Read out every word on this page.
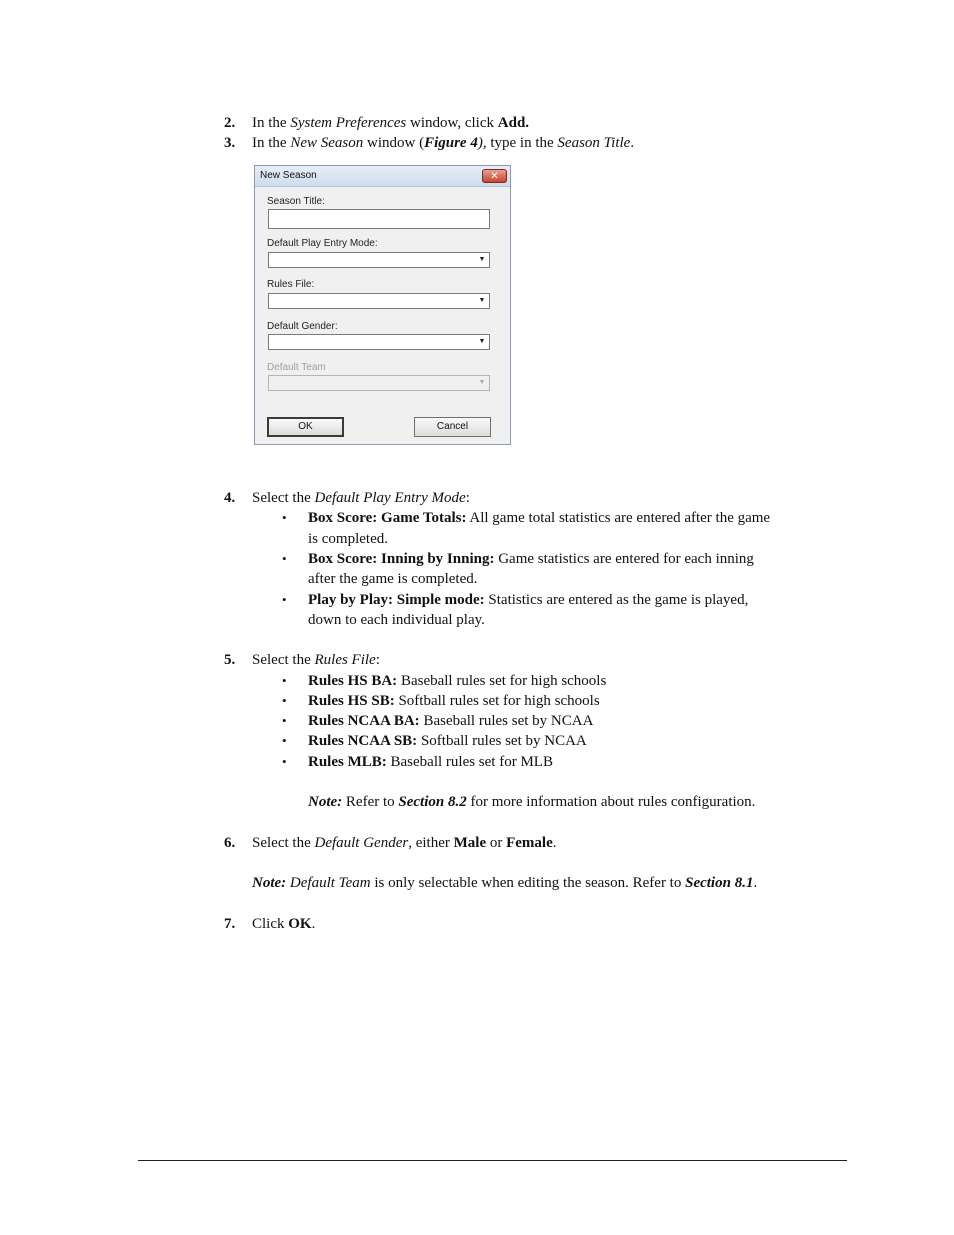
2. In the System Preferences window, click Add.
3. In the New Season window (Figure 4), type in the Season Title.
New Season	✕
Season Title:
Default Play Entry Mode:
▼
Rules File:
▼
Default Gender:
▼
Default Team
▼
OK	Cancel
4. Select the Default Play Entry Mode:
• Box Score: Game Totals: All game total statistics are entered after the game
is completed.
• Box Score: Inning by Inning: Game statistics are entered for each inning
after the game is completed.
• Play by Play: Simple mode: Statistics are entered as the game is played,
down to each individual play.
5. Select the Rules File:
• Rules HS BA: Baseball rules set for high schools
• Rules HS SB: Softball rules set for high schools
• Rules NCAA BA: Baseball rules set by NCAA
• Rules NCAA SB: Softball rules set by NCAA
• Rules MLB: Baseball rules set for MLB
Note: Refer to Section 8.2 for more information about rules configuration.
6. Select the Default Gender, either Male or Female.
Note: Default Team is only selectable when editing the season. Refer to Section 8.1.
7. Click OK.
